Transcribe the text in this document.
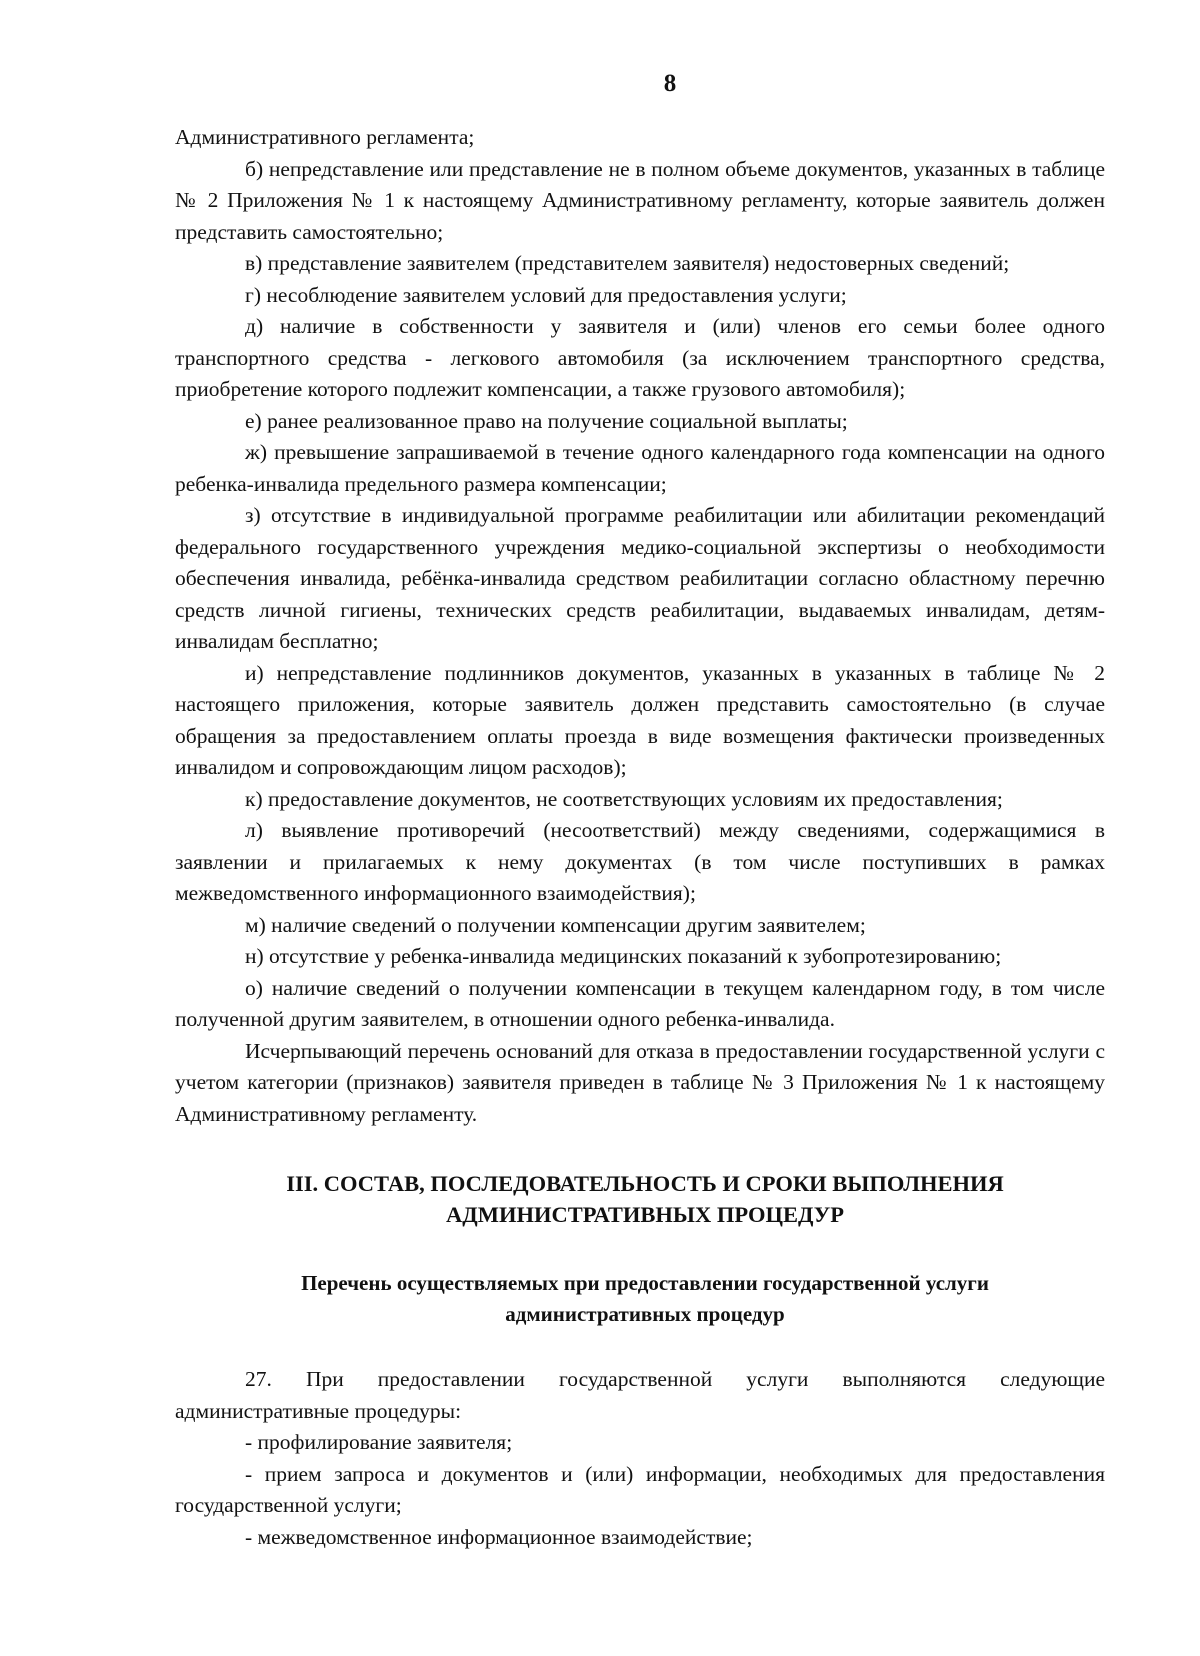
8

Административного регламента;

б) непредставление или представление не в полном объеме документов, указанных в таблице № 2 Приложения № 1 к настоящему Административному регламенту, которые заявитель должен представить самостоятельно;

в) представление заявителем (представителем заявителя) недостоверных сведений;

г) несоблюдение заявителем условий для предоставления услуги;

д) наличие в собственности у заявителя и (или) членов его семьи более одного транспортного средства - легкового автомобиля (за исключением транспортного средства, приобретение которого подлежит компенсации, а также грузового автомобиля);

е) ранее реализованное право на получение социальной выплаты;

ж) превышение запрашиваемой в течение одного календарного года компенсации на одного ребенка-инвалида предельного размера компенсации;

з) отсутствие в индивидуальной программе реабилитации или абилитации рекомендаций федерального государственного учреждения медико-социальной экспертизы о необходимости обеспечения инвалида, ребёнка-инвалида средством реабилитации согласно областному перечню средств личной гигиены, технических средств реабилитации, выдаваемых инвалидам, детям-инвалидам бесплатно;

и) непредставление подлинников документов, указанных в указанных в таблице № 2 настоящего приложения, которые заявитель должен представить самостоятельно (в случае обращения за предоставлением оплаты проезда в виде возмещения фактически произведенных инвалидом и сопровождающим лицом расходов);

к) предоставление документов, не соответствующих условиям их предоставления;

л) выявление противоречий (несоответствий) между сведениями, содержащимися в заявлении и прилагаемых к нему документах (в том числе поступивших в рамках межведомственного информационного взаимодействия);

м) наличие сведений о получении компенсации другим заявителем;

н) отсутствие у ребенка-инвалида медицинских показаний к зубопротезированию;

о) наличие сведений о получении компенсации в текущем календарном году, в том числе полученной другим заявителем, в отношении одного ребенка-инвалида.

Исчерпывающий перечень оснований для отказа в предоставлении государственной услуги с учетом категории (признаков) заявителя приведен в таблице № 3 Приложения № 1 к настоящему Административному регламенту.

III. СОСТАВ, ПОСЛЕДОВАТЕЛЬНОСТЬ И СРОКИ ВЫПОЛНЕНИЯ
АДМИНИСТРАТИВНЫХ ПРОЦЕДУР
Перечень осуществляемых при предоставлении государственной услуги
административных процедур

27. При предоставлении государственной услуги выполняются следующие административные процедуры:

- профилирование заявителя;

- прием запроса и документов и (или) информации, необходимых для предоставления государственной услуги;

- межведомственное информационное взаимодействие;
